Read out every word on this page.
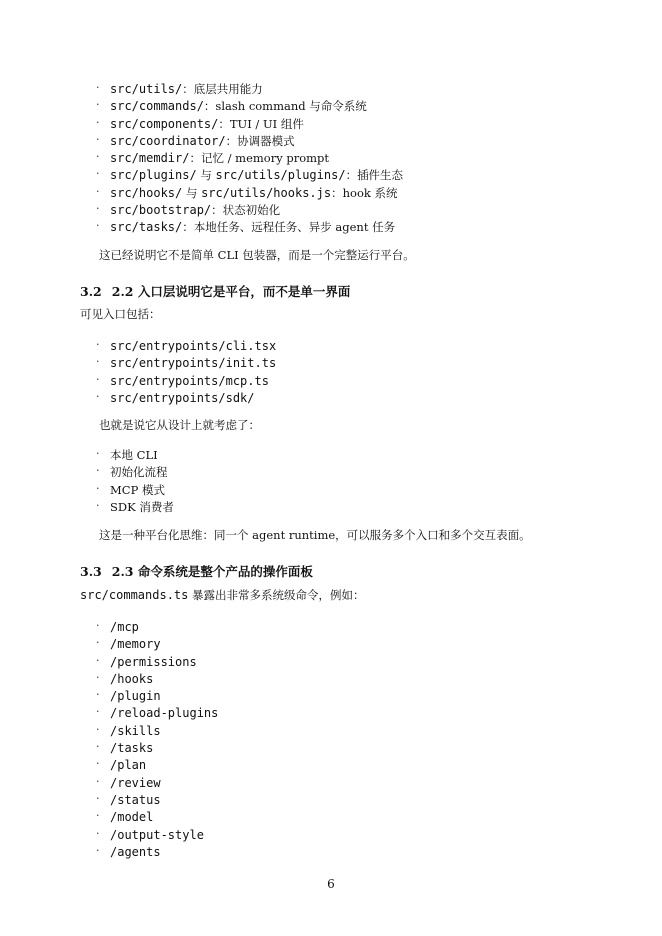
· src/utils/：底层共用能力
· src/commands/：slash command 与命令系统
· src/components/：TUI / UI 组件
· src/coordinator/：协调器模式
· src/memdir/：记忆 / memory prompt
· src/plugins/ 与 src/utils/plugins/：插件生态
· src/hooks/ 与 src/utils/hooks.js：hook 系统
· src/bootstrap/：状态初始化
· src/tasks/：本地任务、远程任务、异步 agent 任务
这已经说明它不是简单 CLI 包装器，而是一个完整运行平台。
3.2 2.2 入口层说明它是平台，而不是单一界面
可见入口包括：
· src/entrypoints/cli.tsx
· src/entrypoints/init.ts
· src/entrypoints/mcp.ts
· src/entrypoints/sdk/
也就是说它从设计上就考虑了：
· 本地 CLI
· 初始化流程
· MCP 模式
· SDK 消费者
这是一种平台化思维：同一个 agent runtime，可以服务多个入口和多个交互表面。
3.3 2.3 命令系统是整个产品的操作面板
src/commands.ts 暴露出非常多系统级命令，例如：
· /mcp
· /memory
· /permissions
· /hooks
· /plugin
· /reload-plugins
· /skills
· /tasks
· /plan
· /review
· /status
· /model
· /output-style
· /agents
6
